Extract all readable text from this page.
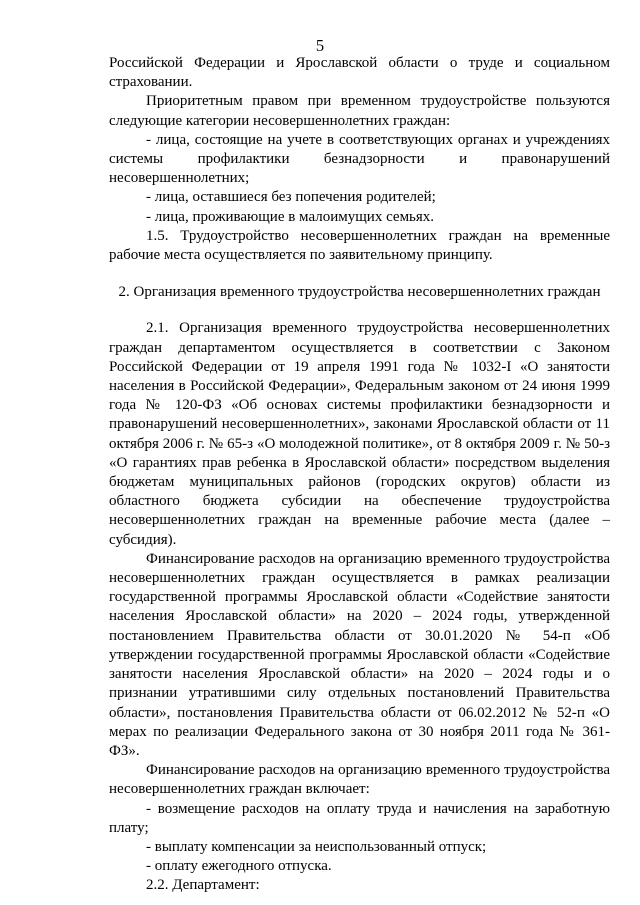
5

Российской Федерации и Ярославской области о труде и социальном страховании.

Приоритетным правом при временном трудоустройстве пользуются следующие категории несовершеннолетних граждан:

- лица, состоящие на учете в соответствующих органах и учреждениях системы профилактики безнадзорности и правонарушений несовершеннолетних;

- лица, оставшиеся без попечения родителей;

- лица, проживающие в малоимущих семьях.

1.5. Трудоустройство несовершеннолетних граждан на временные рабочие места осуществляется по заявительному принципу.

2. Организация временного трудоустройства несовершеннолетних граждан

2.1. Организация временного трудоустройства несовершеннолетних граждан департаментом осуществляется в соответствии с Законом Российской Федерации от 19 апреля 1991 года № 1032-I «О занятости населения в Российской Федерации», Федеральным законом от 24 июня 1999 года № 120-ФЗ «Об основах системы профилактики безнадзорности и правонарушений несовершеннолетних», законами Ярославской области от 11 октября 2006 г. № 65-з «О молодежной политике», от 8 октября 2009 г. № 50-з «О гарантиях прав ребенка в Ярославской области» посредством выделения бюджетам муниципальных районов (городских округов) области из областного бюджета субсидии на обеспечение трудоустройства несовершеннолетних граждан на временные рабочие места (далее – субсидия).

Финансирование расходов на организацию временного трудоустройства несовершеннолетних граждан осуществляется в рамках реализации государственной программы Ярославской области «Содействие занятости населения Ярославской области» на 2020 – 2024 годы, утвержденной постановлением Правительства области от 30.01.2020 № 54-п «Об утверждении государственной программы Ярославской области «Содействие занятости населения Ярославской области» на 2020 – 2024 годы и о признании утратившими силу отдельных постановлений Правительства области», постановления Правительства области от 06.02.2012 № 52-п «О мерах по реализации Федерального закона от 30 ноября 2011 года № 361-ФЗ».

Финансирование расходов на организацию временного трудоустройства несовершеннолетних граждан включает:

- возмещение расходов на оплату труда и начисления на заработную плату;

- выплату компенсации за неиспользованный отпуск;

- оплату ежегодного отпуска.

2.2. Департамент:
